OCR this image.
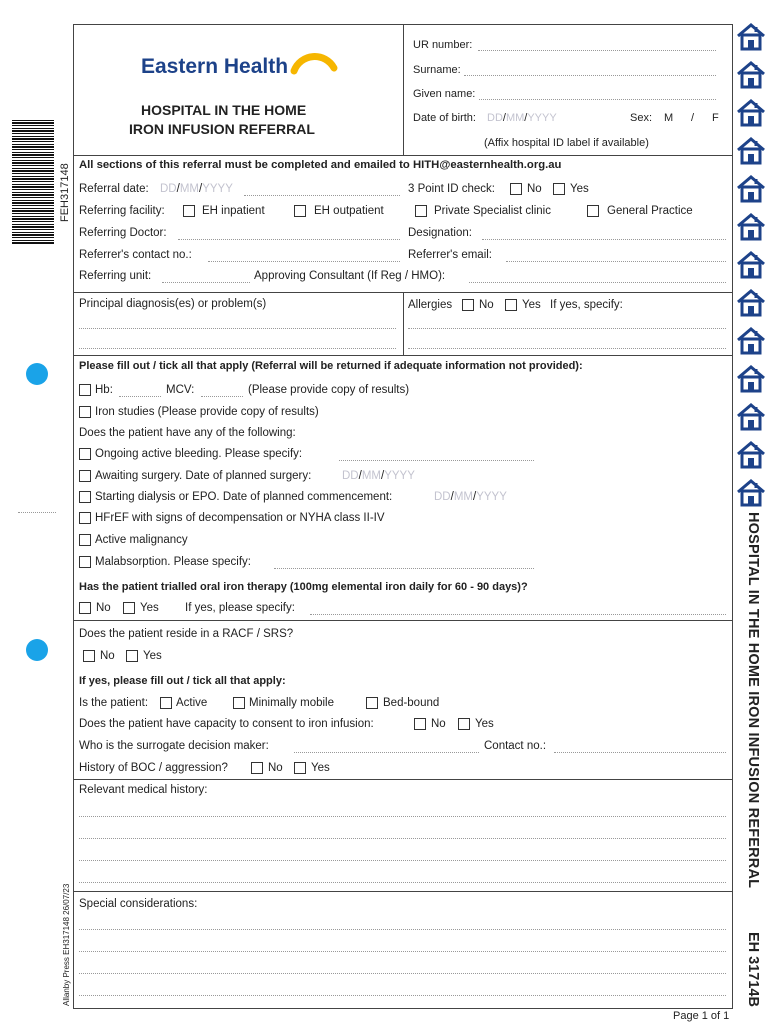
FEH317148
Allanby Press EH317148 26/07/23
HOSPITAL IN THE HOME IRON INFUSION REFERRAL
EH 31714B
Eastern Health
HOSPITAL IN THE HOME
IRON INFUSION REFERRAL
UR number:
Surname:
Given name:
Date of birth: DD/MM/YYYY	Sex: M / F
(Affix hospital ID label if available)
All sections of this referral must be completed and emailed to HITH@easternhealth.org.au
Referral date: DD/MM/YYYY	3 Point ID check:	No Yes
Referring facility:	EH inpatient	EH outpatient	Private Specialist clinic	General Practice
Referring Doctor:	Designation:
Referrer's contact no.:	Referrer's email:
Referring unit:	Approving Consultant (If Reg / HMO):
Principal diagnosis(es) or problem(s)	Allergies No Yes If yes, specify:
Please fill out / tick all that apply (Referral will be returned if adequate information not provided):
Hb:	MCV:	(Please provide copy of results)
Iron studies (Please provide copy of results)
Does the patient have any of the following:
Ongoing active bleeding. Please specify:
Awaiting surgery. Date of planned surgery:	DD/MM/YYYY
Starting dialysis or EPO. Date of planned commencement:	DD/MM/YYYY
HFrEF with signs of decompensation or NYHA class II-IV
Active malignancy
Malabsorption. Please specify:
Has the patient trialled oral iron therapy (100mg elemental iron daily for 60 - 90 days)?
No	Yes If yes, please specify:
Does the patient reside in a RACF / SRS?
No Yes
If yes, please fill out / tick all that apply:
Is the patient: Active	Minimally mobile	Bed-bound
Does the patient have capacity to consent to iron infusion:	No	Yes
Who is the surrogate decision maker:	Contact no.:
History of BOC / aggression?	No Yes
Relevant medical history:
Special considerations:
Page 1 of 1
